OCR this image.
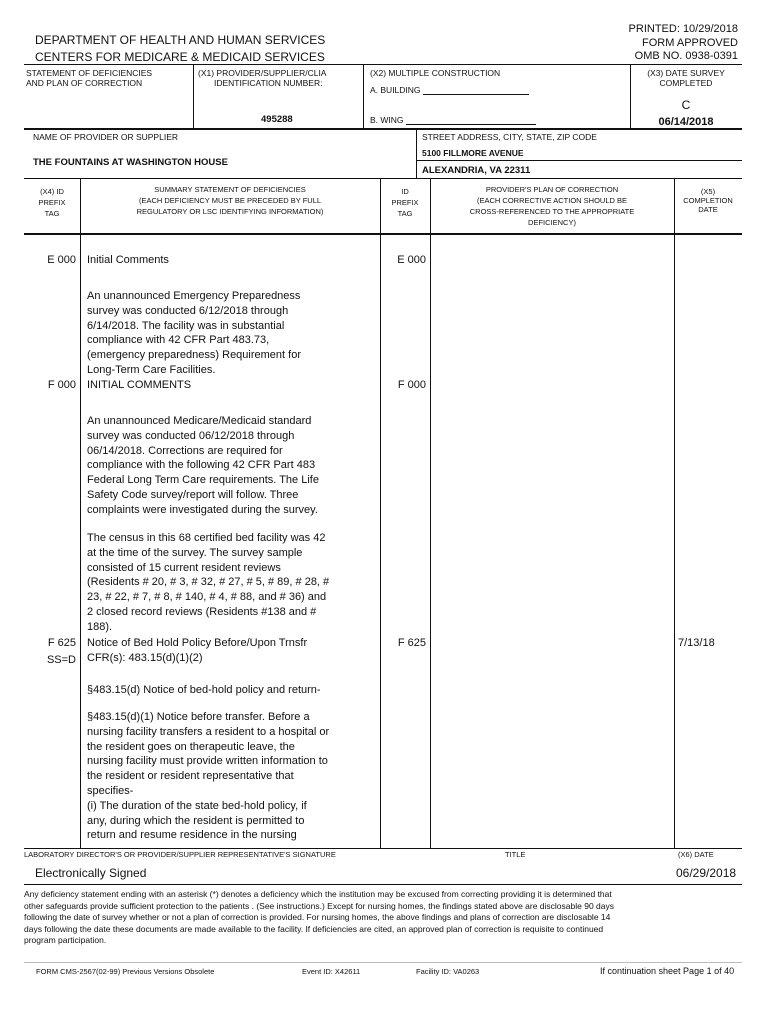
PRINTED: 10/29/2018
FORM APPROVED
OMB NO. 0938-0391
DEPARTMENT OF HEALTH AND HUMAN SERVICES
CENTERS FOR MEDICARE & MEDICAID SERVICES
STATEMENT OF DEFICIENCIES
AND PLAN OF CORRECTION
(X1) PROVIDER/SUPPLIER/CLIA
IDENTIFICATION NUMBER:
495288
(X2) MULTIPLE CONSTRUCTION
A. BUILDING
B. WING
(X3) DATE SURVEY
COMPLETED
C
06/14/2018
NAME OF PROVIDER OR SUPPLIER
THE FOUNTAINS AT WASHINGTON HOUSE
STREET ADDRESS, CITY, STATE, ZIP CODE
5100 FILLMORE AVENUE
ALEXANDRIA, VA 22311
(X4) ID
PREFIX
TAG
SUMMARY STATEMENT OF DEFICIENCIES
(EACH DEFICIENCY MUST BE PRECEDED BY FULL
REGULATORY OR LSC IDENTIFYING INFORMATION)
ID
PREFIX
TAG
PROVIDER'S PLAN OF CORRECTION
(EACH CORRECTIVE ACTION SHOULD BE
CROSS-REFERENCED TO THE APPROPRIATE
DEFICIENCY)
(X5)
COMPLETION
DATE
E 000 Initial Comments	E 000
An unannounced Emergency Preparedness
survey was conducted 6/12/2018 through
6/14/2018. The facility was in substantial
compliance with 42 CFR Part 483.73,
(emergency preparedness) Requirement for
Long-Term Care Facilities.
F 000 INITIAL COMMENTS	F 000
An unannounced Medicare/Medicaid standard
survey was conducted 06/12/2018 through
06/14/2018. Corrections are required for
compliance with the following 42 CFR Part 483
Federal Long Term Care requirements. The Life
Safety Code survey/report will follow. Three
complaints were investigated during the survey.
The census in this 68 certified bed facility was 42
at the time of the survey. The survey sample
consisted of 15 current resident reviews
(Residents # 20, # 3, # 32, # 27, # 5, # 89, # 28, #
23, # 22, # 7, # 8, # 140, # 4, # 88, and # 36) and
2 closed record reviews (Residents #138 and #
188).
F 625
SS=D
Notice of Bed Hold Policy Before/Upon Trnsfr
CFR(s): 483.15(d)(1)(2)
F 625	7/13/18
§483.15(d) Notice of bed-hold policy and return-
§483.15(d)(1) Notice before transfer. Before a
nursing facility transfers a resident to a hospital or
the resident goes on therapeutic leave, the
nursing facility must provide written information to
the resident or resident representative that
specifies-
(i) The duration of the state bed-hold policy, if
any, during which the resident is permitted to
return and resume residence in the nursing
LABORATORY DIRECTOR'S OR PROVIDER/SUPPLIER REPRESENTATIVE'S SIGNATURE	TITLE	(X6) DATE
Electronically Signed	06/29/2018
Any deficiency statement ending with an asterisk (*) denotes a deficiency which the institution may be excused from correcting providing it is determined that
other safeguards provide sufficient protection to the patients . (See instructions.) Except for nursing homes, the findings stated above are disclosable 90 days
following the date of survey whether or not a plan of correction is provided. For nursing homes, the above findings and plans of correction are disclosable 14
days following the date these documents are made available to the facility. If deficiencies are cited, an approved plan of correction is requisite to continued
program participation.
FORM CMS-2567(02-99) Previous Versions Obsolete	Event ID: X42611	Facility ID: VA0263	If continuation sheet Page 1 of 40
